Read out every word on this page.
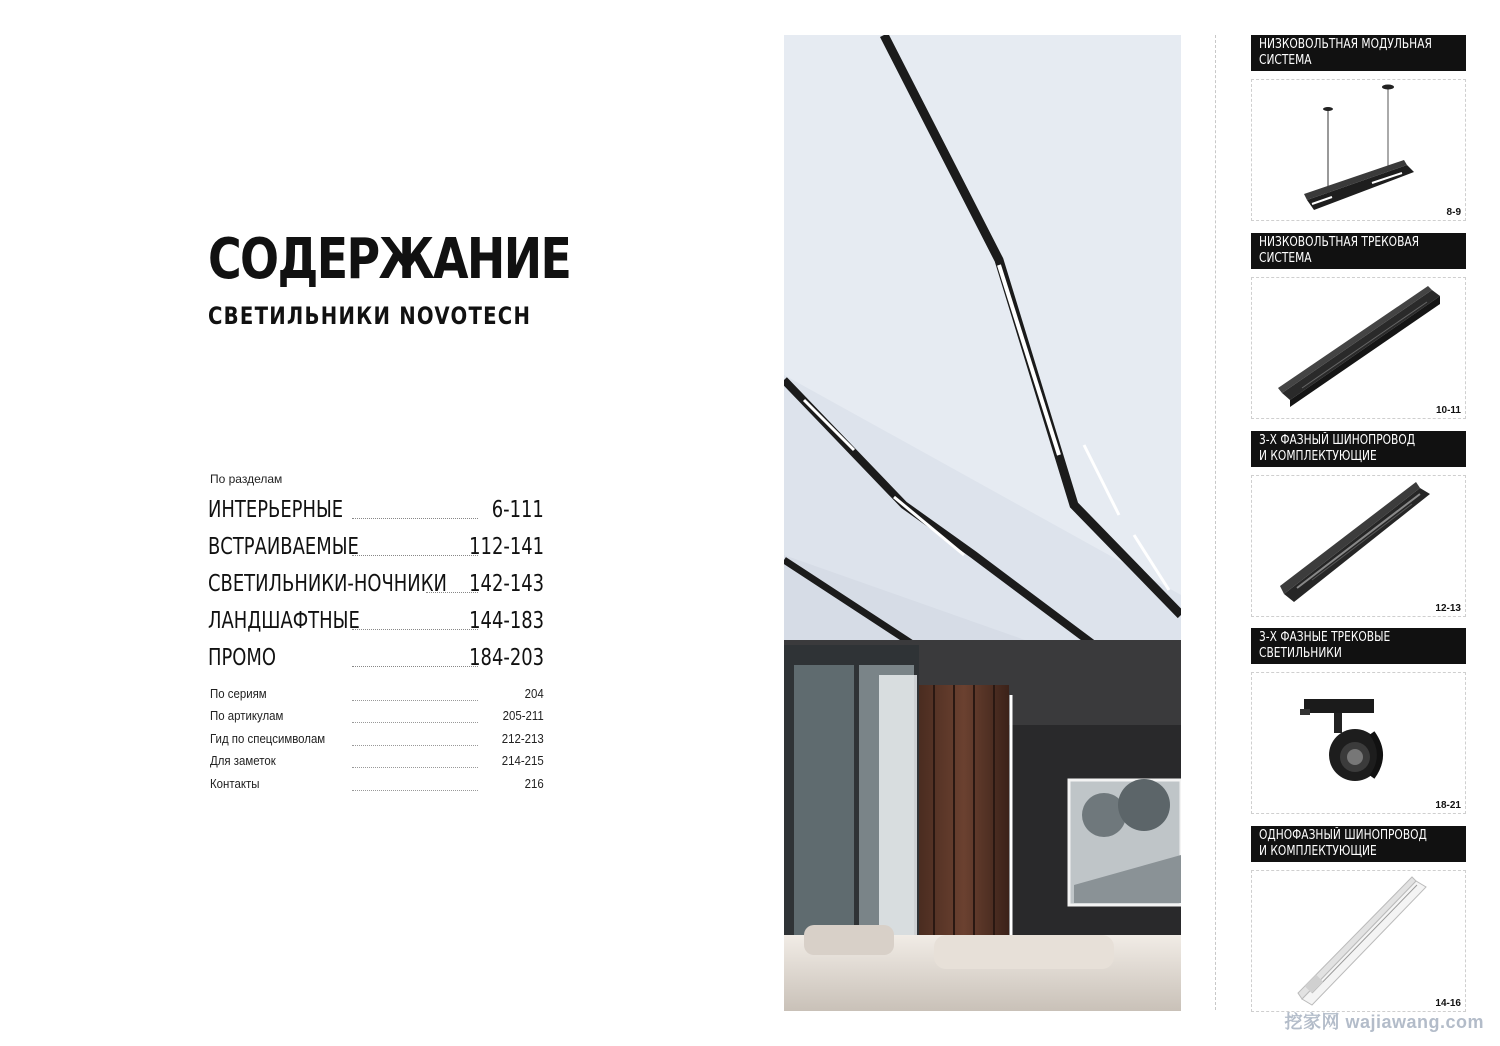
СОДЕРЖАНИЕ
СВЕТИЛЬНИКИ NOVOTECH
По разделам
ИНТЕРЬЕРНЫЕ	6-111
ВСТРАИВАЕМЫЕ	112-141
СВЕТИЛЬНИКИ-НОЧНИКИ 142-143
ЛАНДШАФТНЫЕ	144-183
ПРОМО	184-203
По сериям	204
По артикулам	205-211
Гид по спецсимволам	212-213
Для заметок	214-215
Контакты	216
НИЗКОВОЛЬТНАЯ МОДУЛЬНАЯ
СИСТЕМА
8-9
НИЗКОВОЛЬТНАЯ ТРЕКОВАЯ
СИСТЕМА
10-11
3-Х ФАЗНЫЙ ШИНОПРОВОД
И КОМПЛЕКТУЮЩИЕ
12-13
3-Х ФАЗНЫЕ ТРЕКОВЫЕ
СВЕТИЛЬНИКИ
18-21
ОДНОФАЗНЫЙ ШИНОПРОВОД
И КОМПЛЕКТУЮЩИЕ
14-16
挖家网 wajiawang.com
